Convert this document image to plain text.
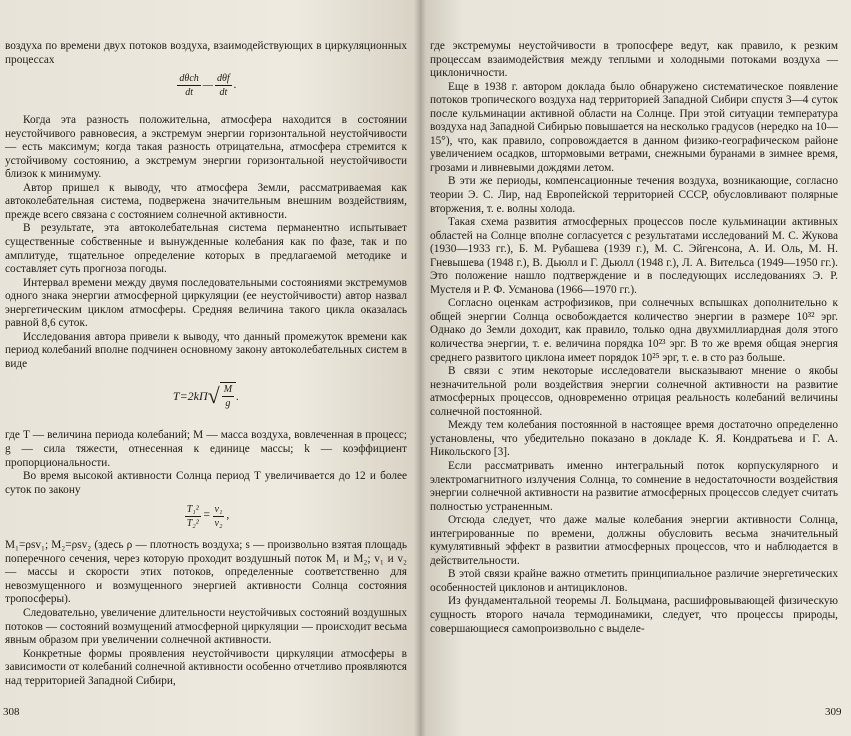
воздуха по времени двух потоков воздуха, взаимодействующих в циркуляционных процессах

$\frac{\text{dθch}}{dt}$ — $\frac{\text{dθf}}{dt}$ .

Когда эта разность положительна, атмосфера находится в состоянии неустойчивого равновесия, а экстремум энергии горизонтальной неустойчивости — есть максимум; когда такая разность отрицательна, атмосфера стремится к устойчивому состоянию, а экстремум энергии горизонтальной неустойчивости близок к минимуму.

Автор пришел к выводу, что атмосфера Земли, рассматриваемая как автоколебательная система, подвержена значительным внешним воздействиям, прежде всего связана с состоянием солнечной активности.

В результате, эта автоколебательная система перманентно испытывает существенные собственные и вынужденные колебания как по фазе, так и по амплитуде, тщательное определение которых в предлагаемой методике и составляет суть прогноза погоды.

Интервал времени между двумя последовательными состояниями экстремумов одного знака энергии атмосферной циркуляции (ее неустойчивости) автор назвал энергетическим циклом атмосферы. Средняя величина такого цикла оказалась равной 8,6 суток.

Исследования автора привели к выводу, что данный промежуток времени как период колебаний вполне подчинен основному закону автоколебательных систем в виде

T=2kΠ √ $\frac{M}{g}$ .

где T — величина периода колебаний; M — масса воздуха, вовлеченная в процесс; g — сила тяжести, отнесенная к единице массы; k — коэффициент пропорциональности.

Во время высокой активности Солнца период T увеличивается до 12 и более суток по закону

$\frac{\text{T₁²}}{\text{T₂²}} = \frac{\text{v₁}}{\text{v₂}}$ ,

M₁=ρsv₁; M₂=ρsv₂ (здесь ρ — плотность воздуха; s — произвольно взятая площадь поперечного сечения, через которую проходит воздушный поток M₁ и M₂; v₁ и v₂ — массы и скорости этих потоков, определенные соответственно для невозмущенного и возмущенного энергией активности Солнца состояния тропосферы).

Следовательно, увеличение длительности неустойчивых состояний воздушных потоков — состояний возмущений атмосферной циркуляции — происходит весьма явным образом при увеличении солнечной активности.

Конкретные формы проявления неустойчивости циркуляции атмосферы в зависимости от колебаний солнечной активности особенно отчетливо проявляются над территорией Западной Сибири,

где экстремумы неустойчивости в тропосфере ведут, как правило, к резким процессам взаимодействия между теплыми и холодными потоками воздуха — циклоничности.

Еще в 1938 г. автором доклада было обнаружено систематическое появление потоков тропического воздуха над территорией Западной Сибири спустя 3—4 суток после кульминации активной области на Солнце. При этой ситуации температура воздуха над Западной Сибирью повышается на несколько градусов (нередко на 10—15°), что, как правило, сопровождается в данном физико-географическом районе увеличением осадков, штормовыми ветрами, снежными буранами в зимнее время, грозами и ливневыми дождями летом.

В эти же периоды, компенсационные течения воздуха, возникающие, согласно теории Э. С. Лир, над Европейской территорией СССР, обусловливают полярные вторжения, т. е. волны холода.

Такая схема развития атмосферных процессов после кульминации активных областей на Солнце вполне согласуется с результатами исследований М. С. Жукова (1930—1933 гг.), Б. М. Рубашева (1939 г.), М. С. Эйгенсона, А. И. Оль, М. Н. Гневышева (1948 г.), В. Дьюлл и Г. Дьюлл (1948 г.), Л. А. Вительса (1949—1950 гг.). Это положение нашло подтверждение и в последующих исследованиях Э. Р. Мустеля и Р. Ф. Усманова (1966—1970 гг.).

Согласно оценкам астрофизиков, при солнечных вспышках дополнительно к общей энергии Солнца освобождается количество энергии в размере 10³² эрг. Однако до Земли доходит, как правило, только одна двухмиллиардная доля этого количества энергии, т. е. величина порядка 10²³ эрг. В то же время общая энергия среднего развитого циклона имеет порядок 10²⁵ эрг, т. е. в сто раз больше.

В связи с этим некоторые исследователи высказывают мнение о якобы незначительной роли воздействия энергии солнечной активности на развитие атмосферных процессов, одновременно отрицая реальность колебаний величины солнечной постоянной.

Между тем колебания постоянной в настоящее время достаточно определенно установлены, что убедительно показано в докладе К. Я. Кондратьева и Г. А. Никольского [3].

Если рассматривать именно интегральный поток корпускулярного и электромагнитного излучения Солнца, то сомнение в недостаточности воздействия энергии солнечной активности на развитие атмосферных процессов следует считать полностью устраненным.

Отсюда следует, что даже малые колебания энергии активности Солнца, интегрированные по времени, должны обусловить весьма значительный кумулятивный эффект в развитии атмосферных процессов, что и наблюдается в действительности.

В этой связи крайне важно отметить принципиальное различие энергетических особенностей циклонов и антициклонов.

Из фундаментальной теоремы Л. Больцмана, расшифровывающей физическую сущность второго начала термодинамики, следует, что процессы природы, совершающиеся самопроизвольно с выделе-

308	309
